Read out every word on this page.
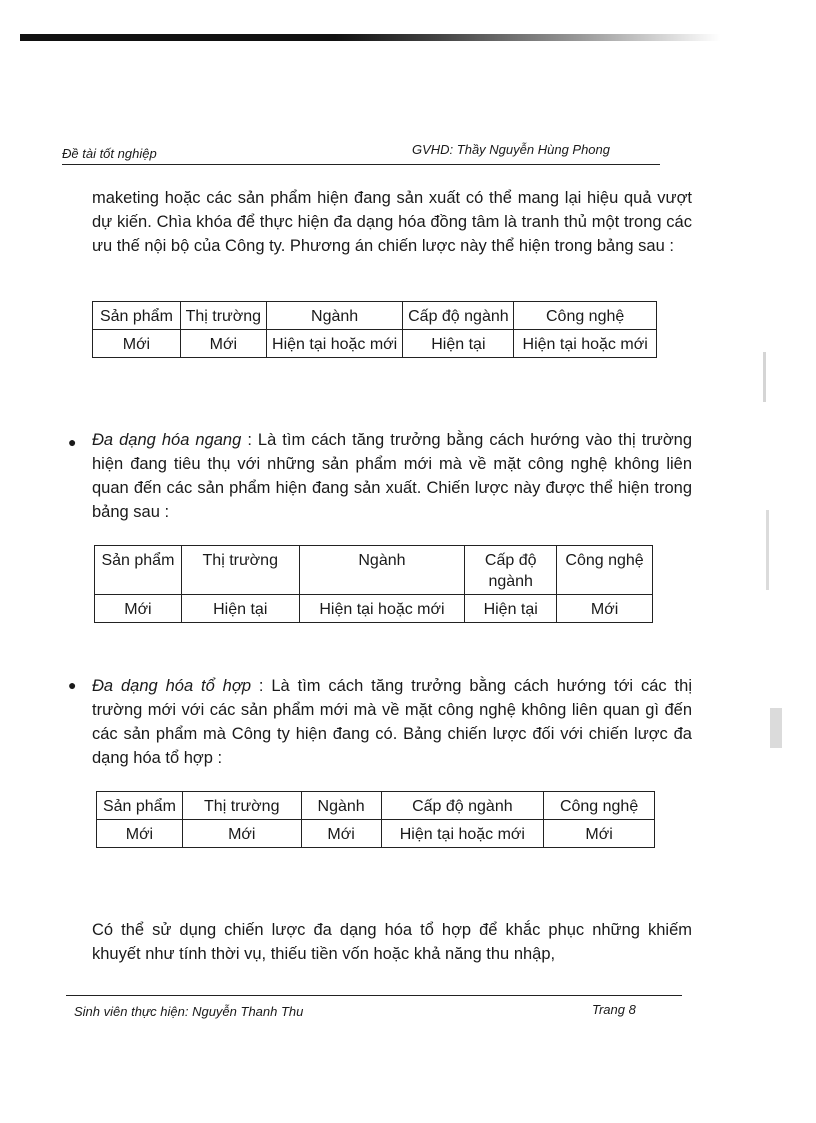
Đề tài tốt nghiệp	GVHD: Thầy Nguyễn Hùng Phong
maketing hoặc các sản phẩm hiện đang sản xuất có thể mang lại hiệu quả vượt dự kiến. Chìa khóa để thực hiện đa dạng hóa đồng tâm là tranh thủ một trong các ưu thế nội bộ của Công ty. Phương án chiến lược này thể hiện trong bảng sau :
Sản phẩm	Thị trường	Ngành	Cấp độ ngành	Công nghệ
Mới	Mới	Hiện tại hoặc mới	Hiện tại	Hiện tại hoặc mới
● Đa dạng hóa ngang : Là tìm cách tăng trưởng bằng cách hướng vào thị trường hiện đang tiêu thụ với những sản phẩm mới mà về mặt công nghệ không liên quan đến các sản phẩm hiện đang sản xuất. Chiến lược này được thể hiện trong bảng sau :
Sản phẩm	Thị trường	Ngành	Cấp độ ngành	Công nghệ
Mới	Hiện tại	Hiện tại hoặc mới	Hiện tại	Mới
● Đa dạng hóa tổ hợp : Là tìm cách tăng trưởng bằng cách hướng tới các thị trường mới với các sản phẩm mới mà về mặt công nghệ không liên quan gì đến các sản phẩm mà Công ty hiện đang có. Bảng chiến lược đối với chiến lược đa dạng hóa tổ hợp :
Sản phẩm	Thị trường	Ngành	Cấp độ ngành	Công nghệ
Mới	Mới	Mới	Hiện tại hoặc mới	Mới
Có thể sử dụng chiến lược đa dạng hóa tổ hợp để khắc phục những khiếm khuyết như tính thời vụ, thiếu tiền vốn hoặc khả năng thu nhập,
Sinh viên thực hiện: Nguyễn Thanh Thu	Trang 8
